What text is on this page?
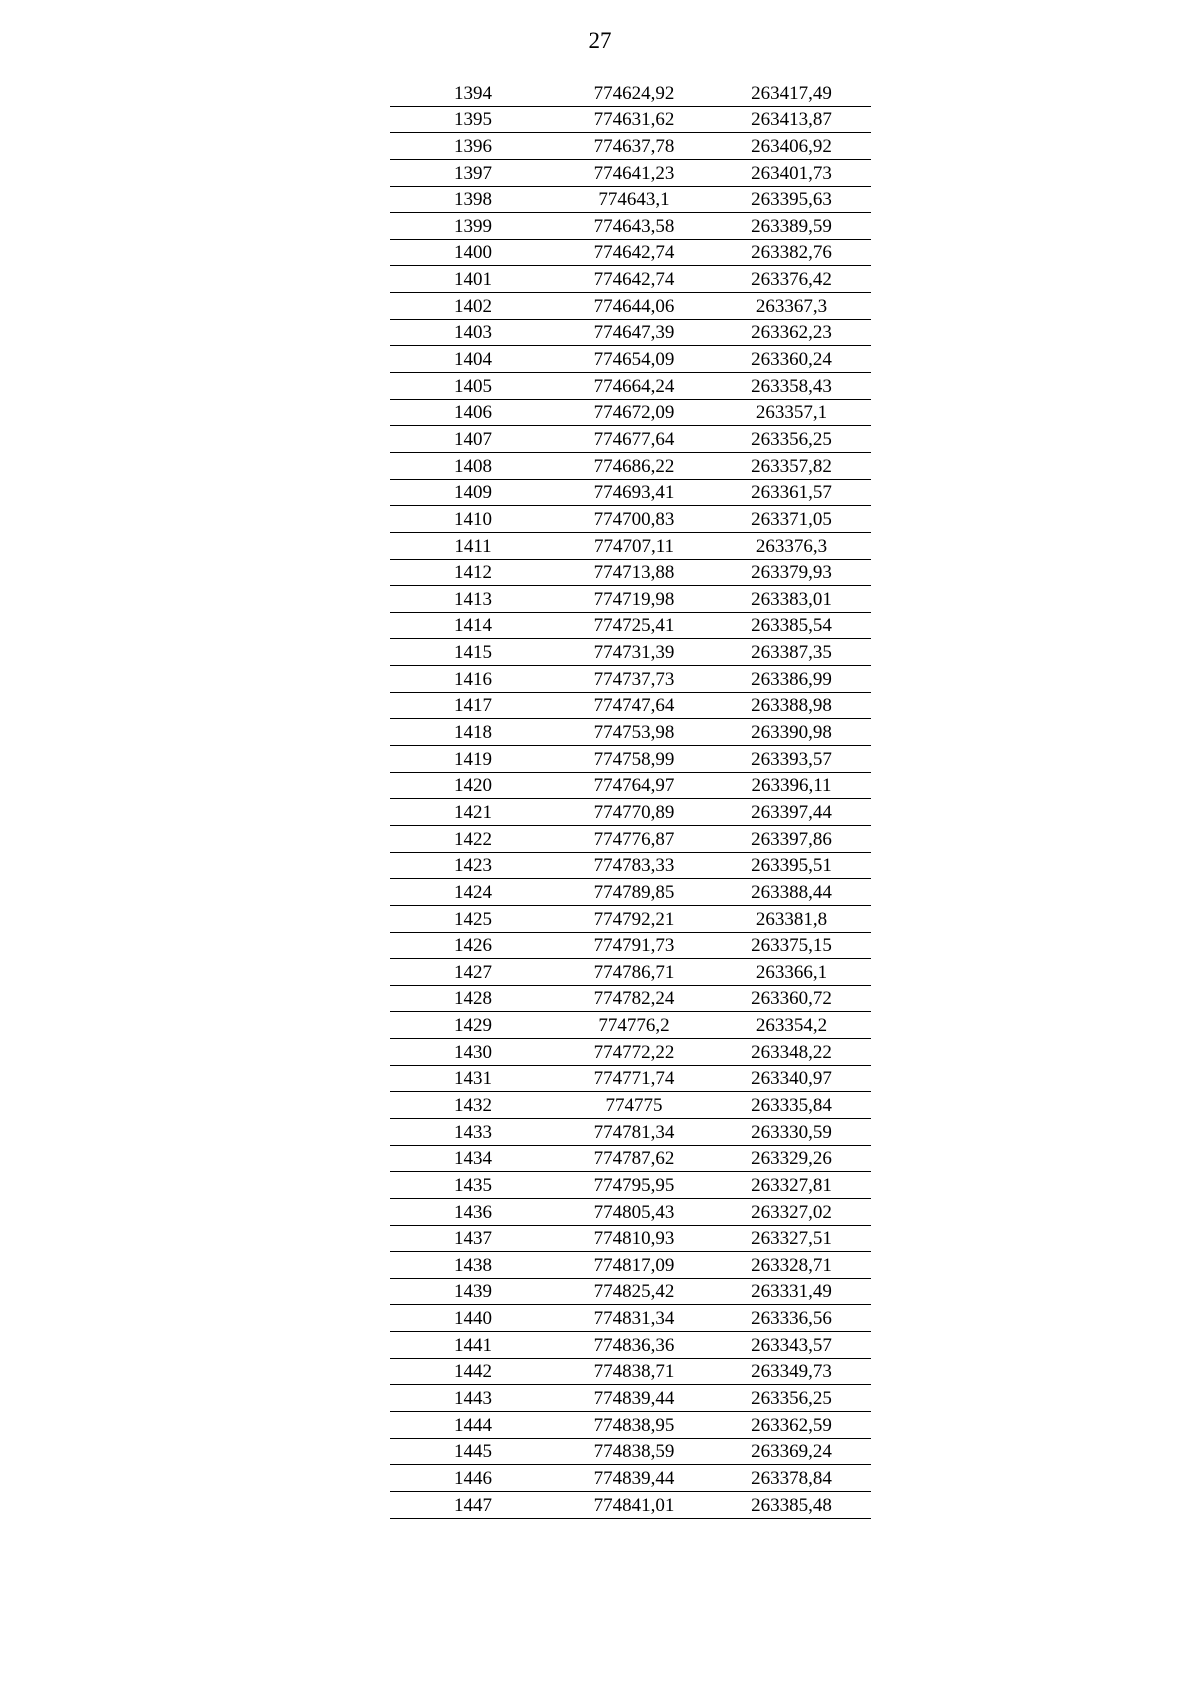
27
1394	774624,92	263417,49
1395	774631,62	263413,87
1396	774637,78	263406,92
1397	774641,23	263401,73
1398	774643,1	263395,63
1399	774643,58	263389,59
1400	774642,74	263382,76
1401	774642,74	263376,42
1402	774644,06	263367,3
1403	774647,39	263362,23
1404	774654,09	263360,24
1405	774664,24	263358,43
1406	774672,09	263357,1
1407	774677,64	263356,25
1408	774686,22	263357,82
1409	774693,41	263361,57
1410	774700,83	263371,05
1411	774707,11	263376,3
1412	774713,88	263379,93
1413	774719,98	263383,01
1414	774725,41	263385,54
1415	774731,39	263387,35
1416	774737,73	263386,99
1417	774747,64	263388,98
1418	774753,98	263390,98
1419	774758,99	263393,57
1420	774764,97	263396,11
1421	774770,89	263397,44
1422	774776,87	263397,86
1423	774783,33	263395,51
1424	774789,85	263388,44
1425	774792,21	263381,8
1426	774791,73	263375,15
1427	774786,71	263366,1
1428	774782,24	263360,72
1429	774776,2	263354,2
1430	774772,22	263348,22
1431	774771,74	263340,97
1432	774775	263335,84
1433	774781,34	263330,59
1434	774787,62	263329,26
1435	774795,95	263327,81
1436	774805,43	263327,02
1437	774810,93	263327,51
1438	774817,09	263328,71
1439	774825,42	263331,49
1440	774831,34	263336,56
1441	774836,36	263343,57
1442	774838,71	263349,73
1443	774839,44	263356,25
1444	774838,95	263362,59
1445	774838,59	263369,24
1446	774839,44	263378,84
1447	774841,01	263385,48
